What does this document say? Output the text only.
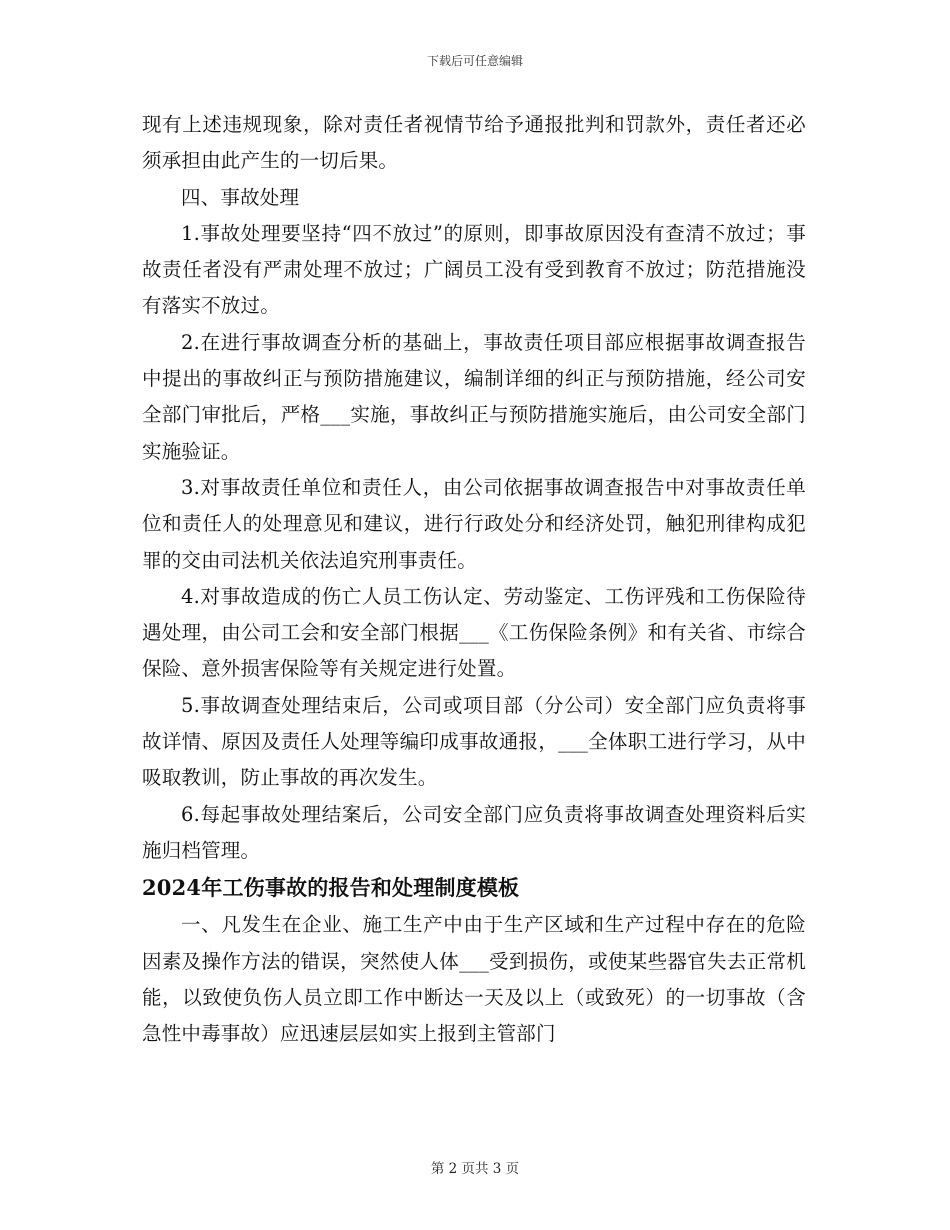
下载后可任意编辑

现有上述违规现象，除对责任者视情节给予通报批判和罚款外，责任者还必须承担由此产生的一切后果。

四、事故处理

1.事故处理要坚持“四不放过”的原则，即事故原因没有查清不放过；事故责任者没有严肃处理不放过；广阔员工没有受到教育不放过；防范措施没有落实不放过。

2.在进行事故调查分析的基础上，事故责任项目部应根据事故调查报告中提出的事故纠正与预防措施建议，编制详细的纠正与预防措施，经公司安全部门审批后，严格___实施，事故纠正与预防措施实施后，由公司安全部门实施验证。

3.对事故责任单位和责任人，由公司依据事故调查报告中对事故责任单位和责任人的处理意见和建议，进行行政处分和经济处罚，触犯刑律构成犯罪的交由司法机关依法追究刑事责任。

4.对事故造成的伤亡人员工伤认定、劳动鉴定、工伤评残和工伤保险待遇处理，由公司工会和安全部门根据___《工伤保险条例》和有关省、市综合保险、意外损害保险等有关规定进行处置。

5.事故调查处理结束后，公司或项目部（分公司）安全部门应负责将事故详情、原因及责任人处理等编印成事故通报，___全体职工进行学习，从中吸取教训，防止事故的再次发生。

6.每起事故处理结案后，公司安全部门应负责将事故调查处理资料后实施归档管理。

2024年工伤事故的报告和处理制度模板

一、凡发生在企业、施工生产中由于生产区域和生产过程中存在的危险因素及操作方法的错误，突然使人体___受到损伤，或使某些器官失去正常机能，以致使负伤人员立即工作中断达一天及以上（或致死）的一切事故（含急性中毒事故）应迅速层层如实上报到主管部门

第 2 页共 3 页
